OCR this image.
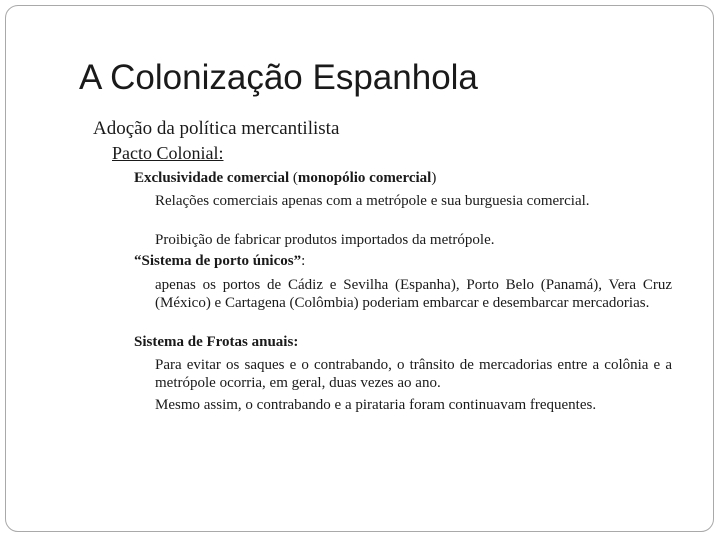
A Colonização Espanhola
Adoção da política mercantilista
Pacto Colonial:
Exclusividade comercial (monopólio comercial)
Relações comerciais apenas com a metrópole e sua burguesia comercial.
Proibição de fabricar produtos importados da metrópole.
“Sistema de porto únicos”:
apenas os portos de Cádiz e Sevilha (Espanha), Porto Belo (Panamá), Vera Cruz (México) e Cartagena (Colômbia) poderiam embarcar e desembarcar mercadorias.
Sistema de Frotas anuais:
Para evitar os saques e o contrabando, o trânsito de mercadorias entre a colônia e a metrópole ocorria, em geral, duas vezes ao ano.
Mesmo assim, o contrabando e a pirataria foram continuavam frequentes.
